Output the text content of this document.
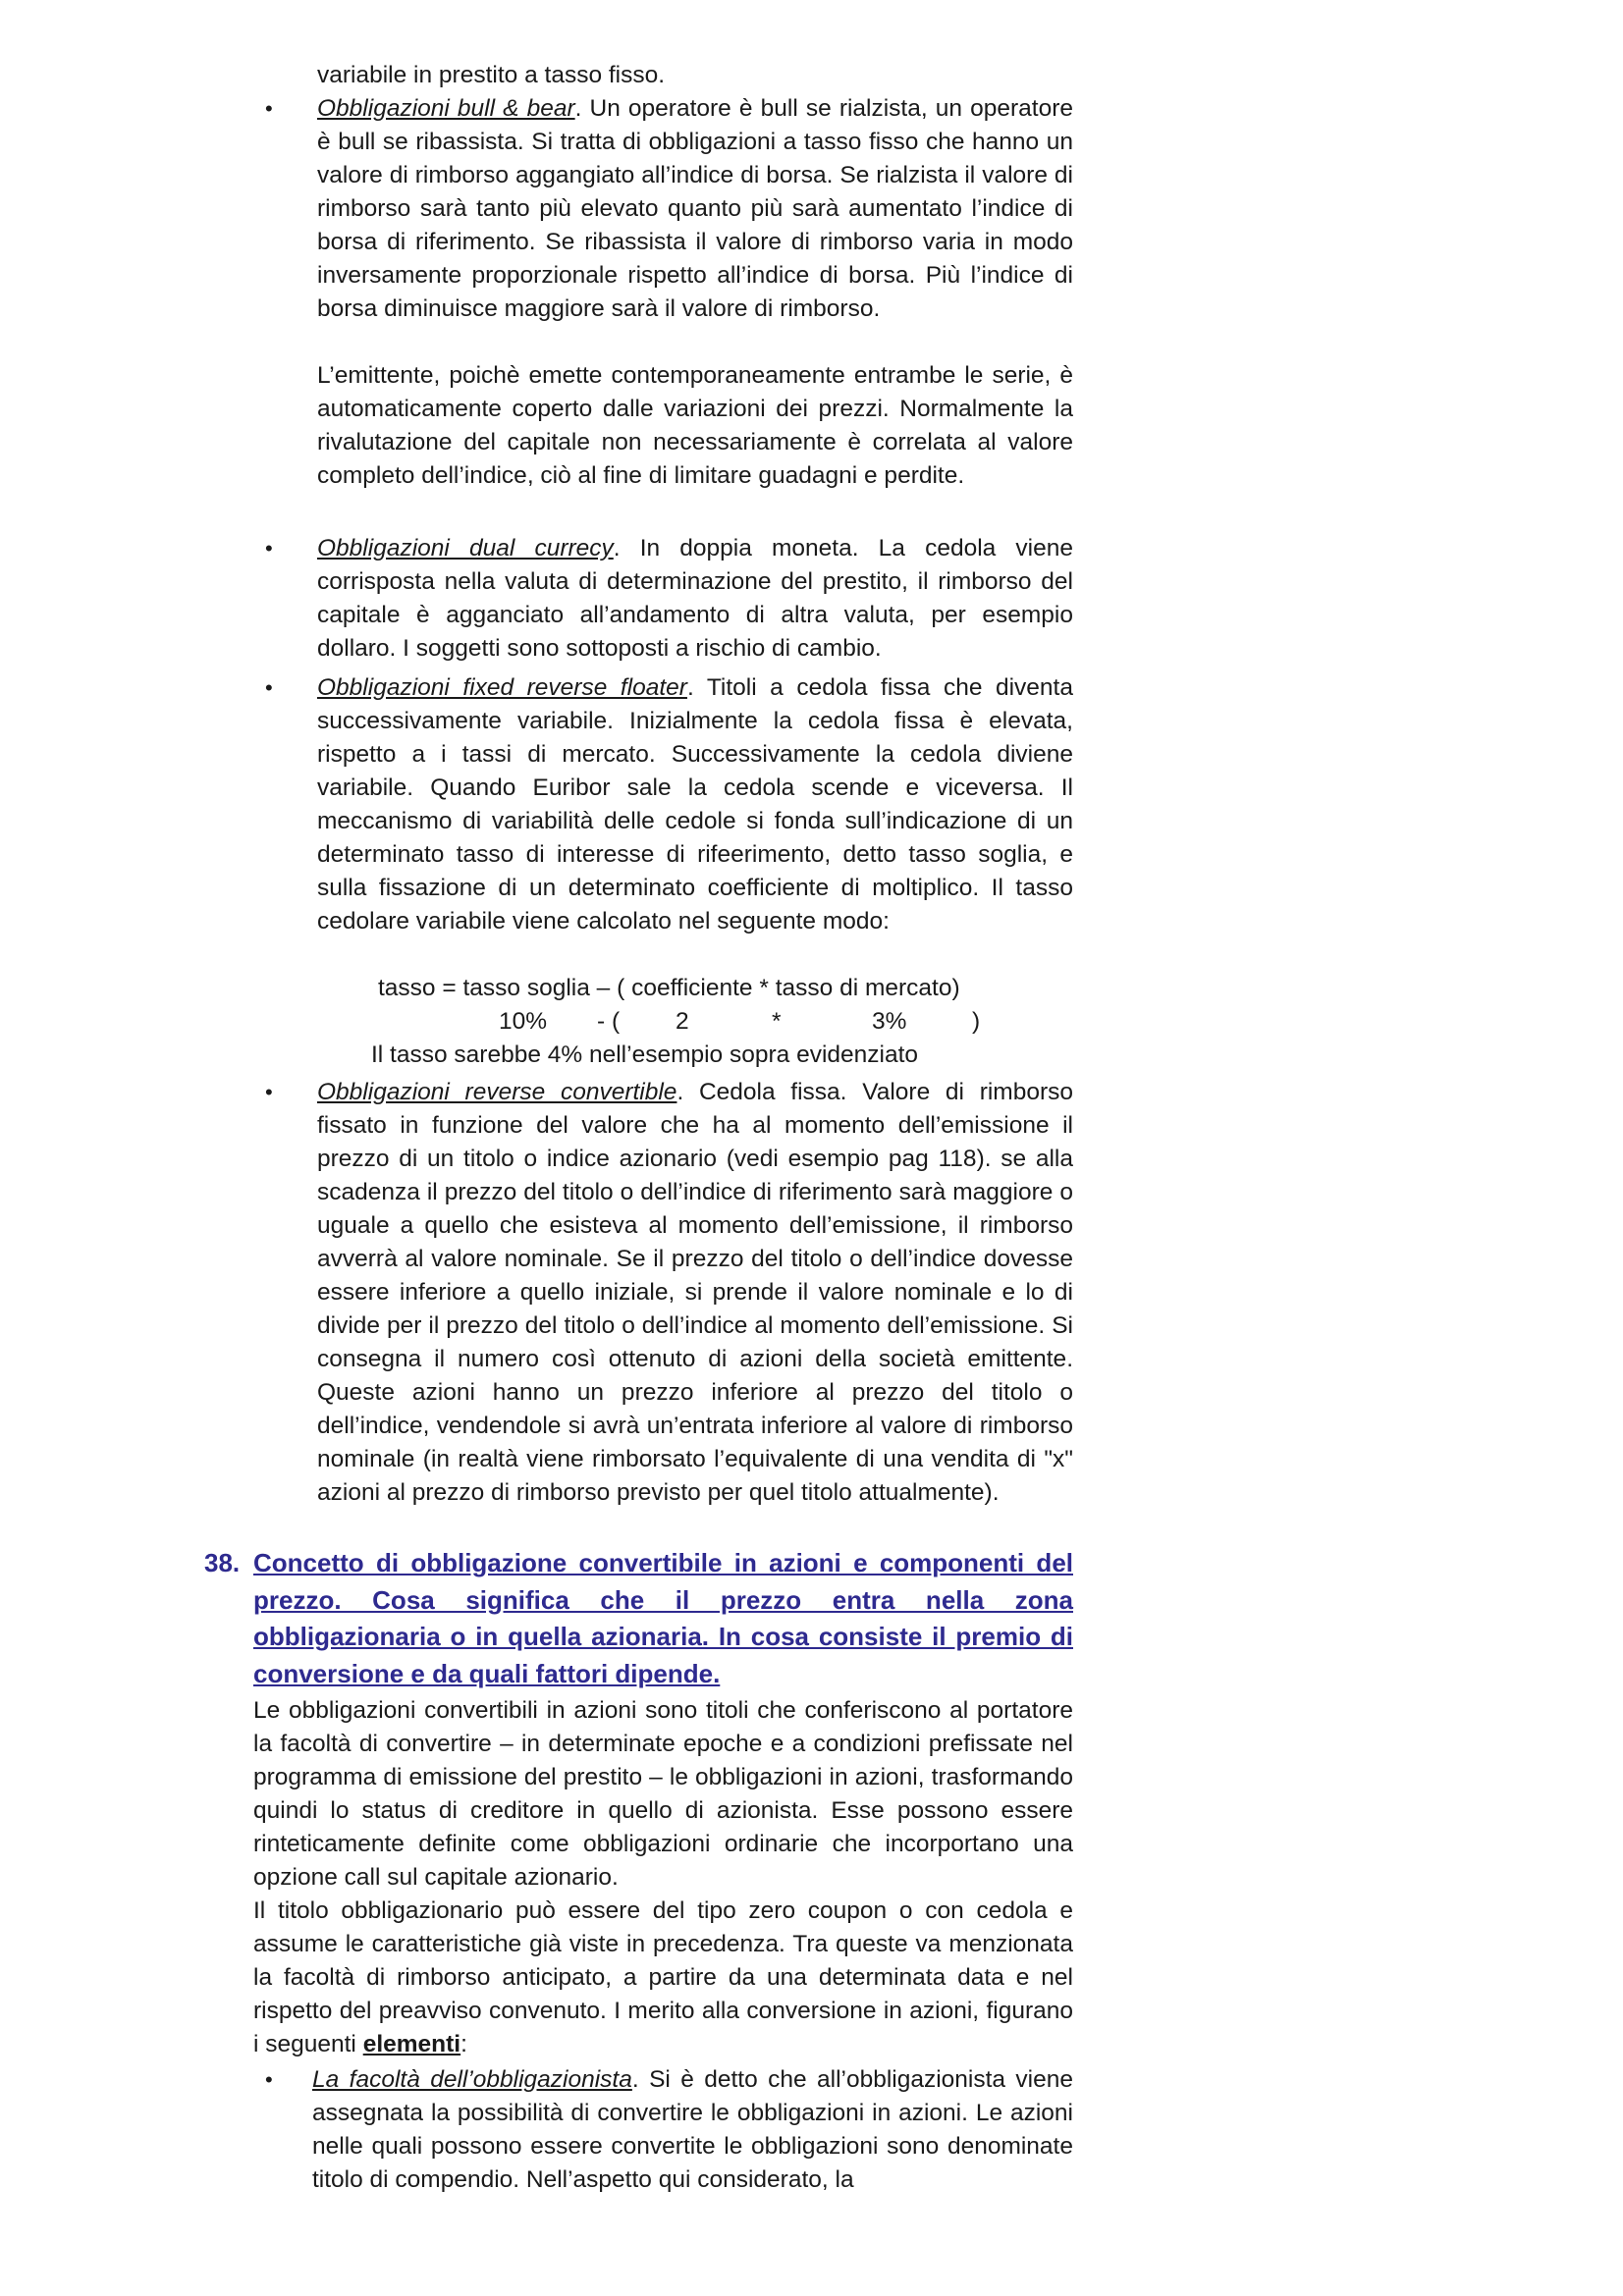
variabile in prestito a tasso fisso.
• Obbligazioni bull & bear. Un operatore è bull se rialzista, un operatore è bull se ribassista. Si tratta di obbligazioni a tasso fisso che hanno un valore di rimborso aggangiato all’indice di borsa. Se rialzista il valore di rimborso sarà tanto più elevato quanto più sarà aumentato l’indice di borsa di riferimento. Se ribassista il valore di rimborso varia in modo inversamente proporzionale rispetto all’indice di borsa. Più l’indice di borsa diminuisce maggiore sarà il valore di rimborso.
L’emittente, poichè emette contemporaneamente entrambe le serie, è automaticamente coperto dalle variazioni dei prezzi. Normalmente la rivalutazione del capitale non necessariamente è correlata al valore completo dell’indice, ciò al fine di limitare guadagni e perdite.
• Obbligazioni dual currecy. In doppia moneta. La cedola viene corrisposta nella valuta di determinazione del prestito, il rimborso del capitale è agganciato all’andamento di altra valuta, per esempio dollaro. I soggetti sono sottoposti a rischio di cambio.
• Obbligazioni fixed reverse floater. Titoli a cedola fissa che diventa successivamente variabile. Inizialmente la cedola fissa è elevata, rispetto a i tassi di mercato. Successivamente la cedola diviene variabile. Quando Euribor sale la cedola scende e viceversa. Il meccanismo di variabilità delle cedole si fonda sull’indicazione di un determinato tasso di interesse di rifeerimento, detto tasso soglia, e sulla fissazione di un determinato coefficiente di moltiplico. Il tasso cedolare variabile viene calcolato nel seguente modo:
tasso = tasso soglia – ( coefficiente * tasso di mercato)
10% - ( 2	*	3%	)
Il tasso sarebbe 4% nell’esempio sopra evidenziato
• Obbligazioni reverse convertible. Cedola fissa. Valore di rimborso fissato in funzione del valore che ha al momento dell’emissione il prezzo di un titolo o indice azionario (vedi esempio pag 118). se alla scadenza il prezzo del titolo o dell’indice di riferimento sarà maggiore o uguale a quello che esisteva al momento dell’emissione, il rimborso avverrà al valore nominale. Se il prezzo del titolo o dell’indice dovesse essere inferiore a quello iniziale, si prende il valore nominale e lo di divide per il prezzo del titolo o dell’indice al momento dell’emissione. Si consegna il numero così ottenuto di azioni della società emittente. Queste azioni hanno un prezzo inferiore al prezzo del titolo o dell’indice, vendendole si avrà un’entrata inferiore al valore di rimborso nominale (in realtà viene rimborsato l’equivalente di una vendita di "x" azioni al prezzo di rimborso previsto per quel titolo attualmente).
38. Concetto di obbligazione convertibile in azioni e componenti del prezzo. Cosa significa che il prezzo entra nella zona obbligazionaria o in quella azionaria. In cosa consiste il premio di conversione e da quali fattori dipende.
Le obbligazioni convertibili in azioni sono titoli che conferiscono al portatore la facoltà di convertire – in determinate epoche e a condizioni prefissate nel programma di emissione del prestito – le obbligazioni in azioni, trasformando quindi lo status di creditore in quello di azionista. Esse possono essere rinteticamente definite come obbligazioni ordinarie che incorportano una opzione call sul capitale azionario.
Il titolo obbligazionario può essere del tipo zero coupon o con cedola e assume le caratteristiche già viste in precedenza. Tra queste va menzionata la facoltà di rimborso anticipato, a partire da una determinata data e nel rispetto del preavviso convenuto. I merito alla conversione in azioni, figurano i seguenti elementi:
• La facoltà dell’obbligazionista. Si è detto che all’obbligazionista viene assegnata la possibilità di convertire le obbligazioni in azioni. Le azioni nelle quali possono essere convertite le obbligazioni sono denominate titolo di compendio. Nell’aspetto qui considerato, la
